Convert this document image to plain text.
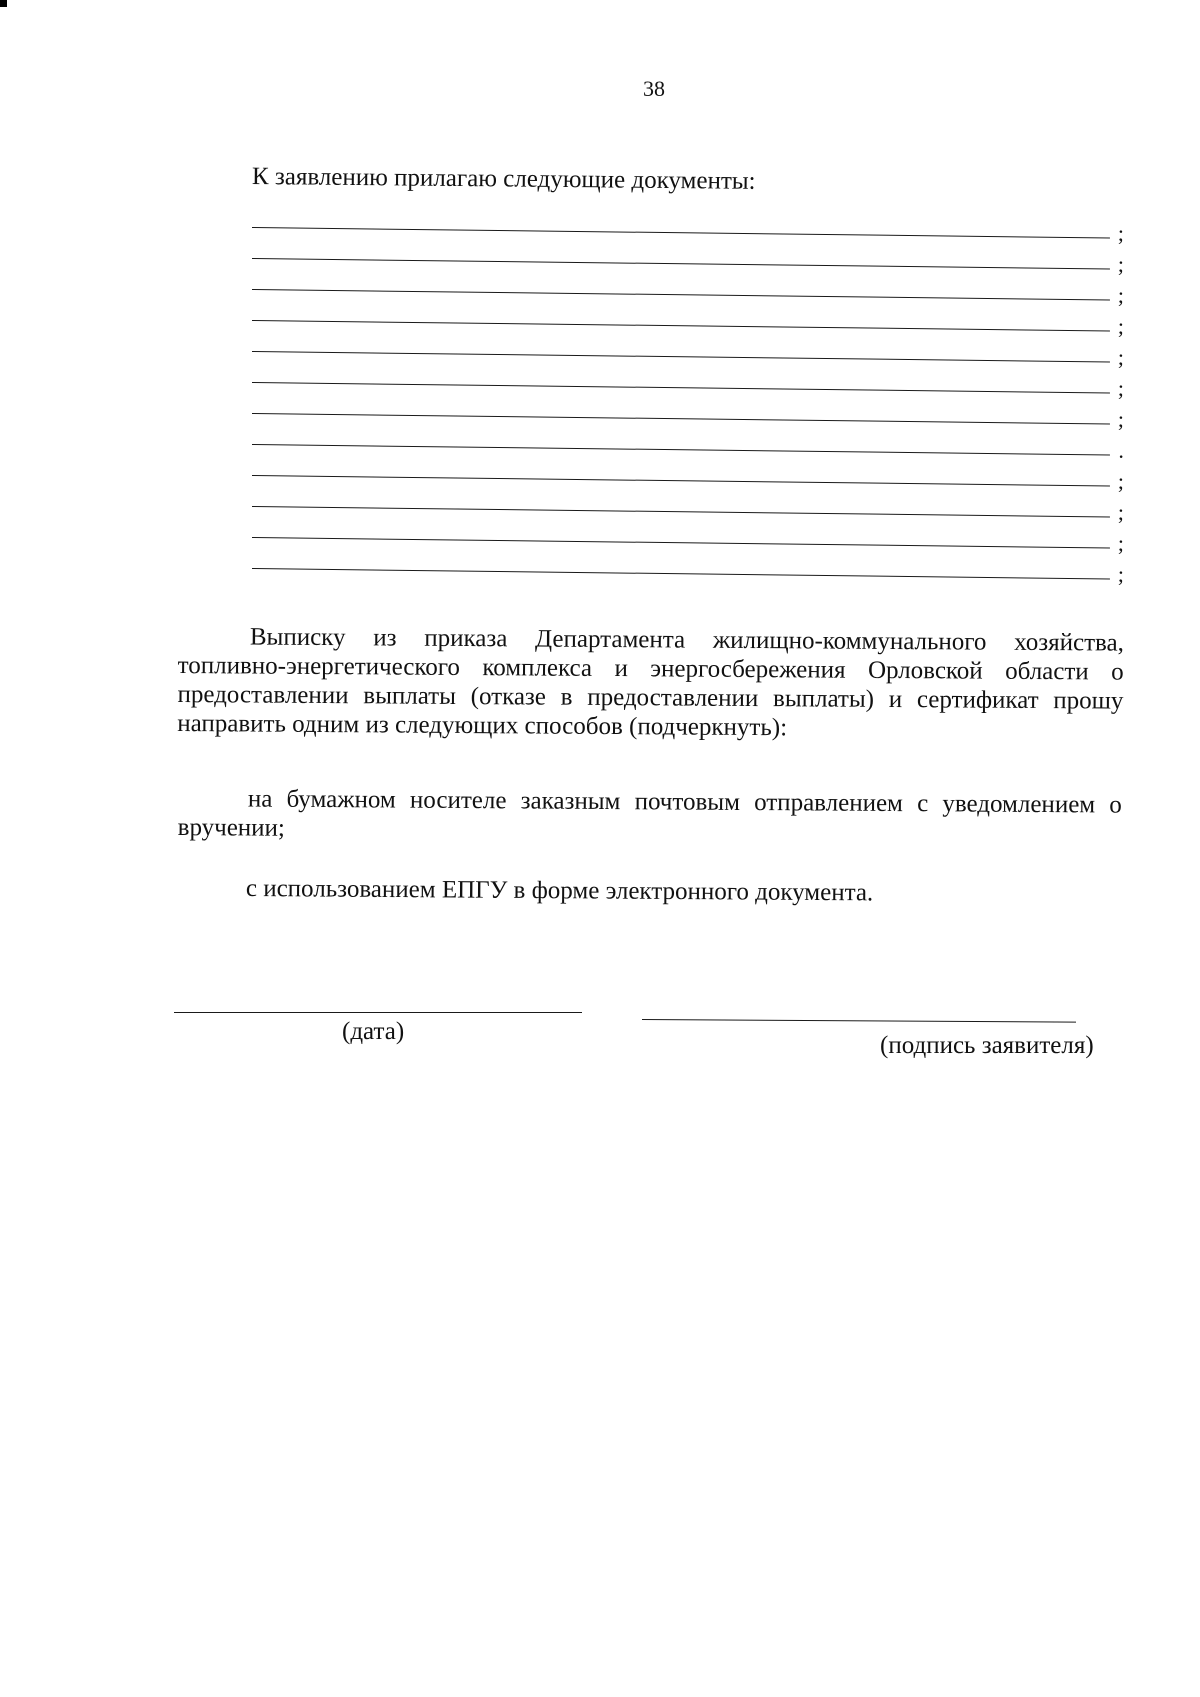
38
К заявлению прилагаю следующие документы:
;
;
;
;
;
;
;
.
;
;
;
;
Выписку из приказа Департамента жилищно-коммунального хозяйства, топливно-энергетического комплекса и энергосбережения Орловской области о предоставлении выплаты (отказе в предоставлении выплаты) и сертификат прошу направить одним из следующих способов (подчеркнуть):
на бумажном носителе заказным почтовым отправлением с уведомлением о вручении;
с использованием ЕПГУ в форме электронного документа.
(дата)
(подпись заявителя)
